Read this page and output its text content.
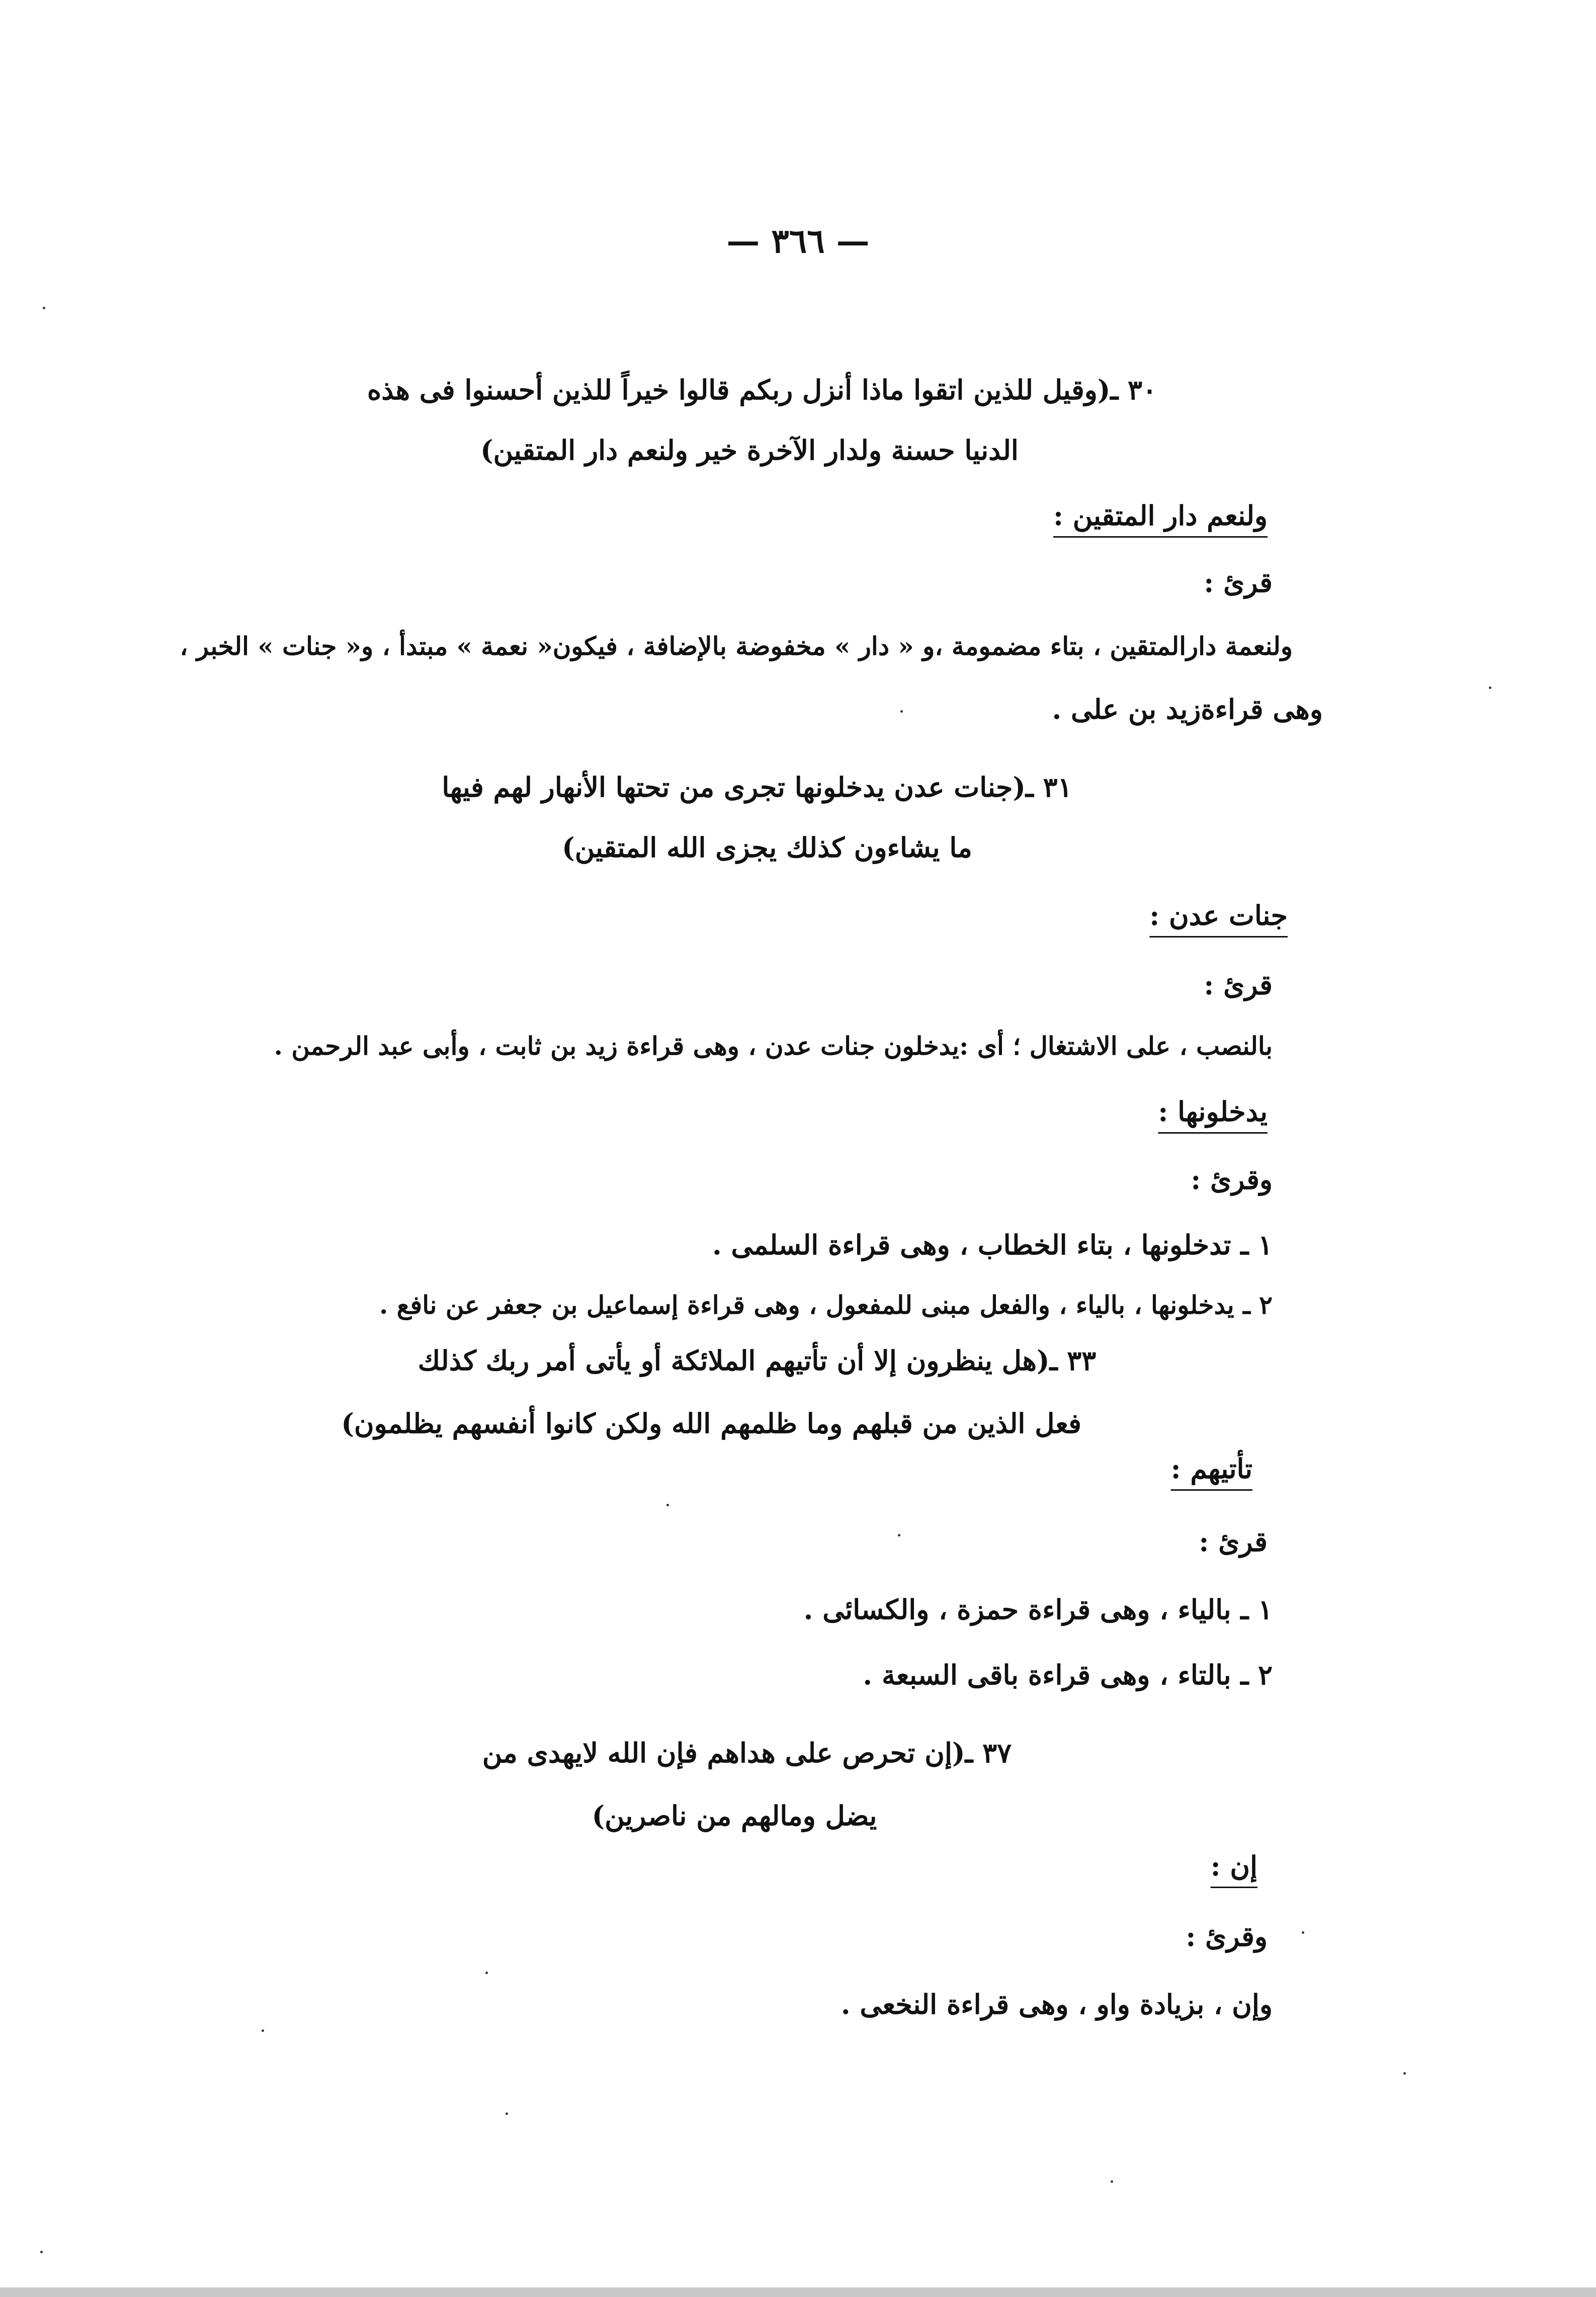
— ٣٦٦ —
٣٠ ـ(وقيل للذين اتقوا ماذا أنزل ربكم قالوا خيراً للذين أحسنوا فى هذه
الدنيا حسنة ولدار الآخرة خير ولنعم دار المتقين)
ولنعم دار المتقين :
قرئ :
ولنعمة دارالمتقين ، بتاء مضمومة ،و « دار » مخفوضة بالإضافة ، فيكون« نعمة » مبتدأ ، و« جنات » الخبر ،
وهى قراءةزيد بن على .
٣١ ـ(جنات عدن يدخلونها تجرى من تحتها الأنهار لهم فيها
ما يشاءون كذلك يجزى الله المتقين)
جنات عدن :
قرئ :
بالنصب ، على الاشتغال ؛ أى :يدخلون جنات عدن ، وهى قراءة زيد بن ثابت ، وأبى عبد الرحمن .
يدخلونها :
وقرئ :
١ ـ تدخلونها ، بتاء الخطاب ، وهى قراءة السلمى .
٢ ـ يدخلونها ، بالياء ، والفعل مبنى للمفعول ، وهى قراءة إسماعيل بن جعفر عن نافع .
٣٣ ـ(هل ينظرون إلا أن تأتيهم الملائكة أو يأتى أمر ربك كذلك
فعل الذين من قبلهم وما ظلمهم الله ولكن كانوا أنفسهم يظلمون)
تأتيهم :
قرئ :
١ ـ بالياء ، وهى قراءة حمزة ، والكسائى .
٢ ـ بالتاء ، وهى قراءة باقى السبعة .
٣٧ ـ(إن تحرص على هداهم فإن الله لايهدى من
يضل ومالهم من ناصرين)
إن :
وقرئ :
وإن ، بزيادة واو ، وهى قراءة النخعى .
